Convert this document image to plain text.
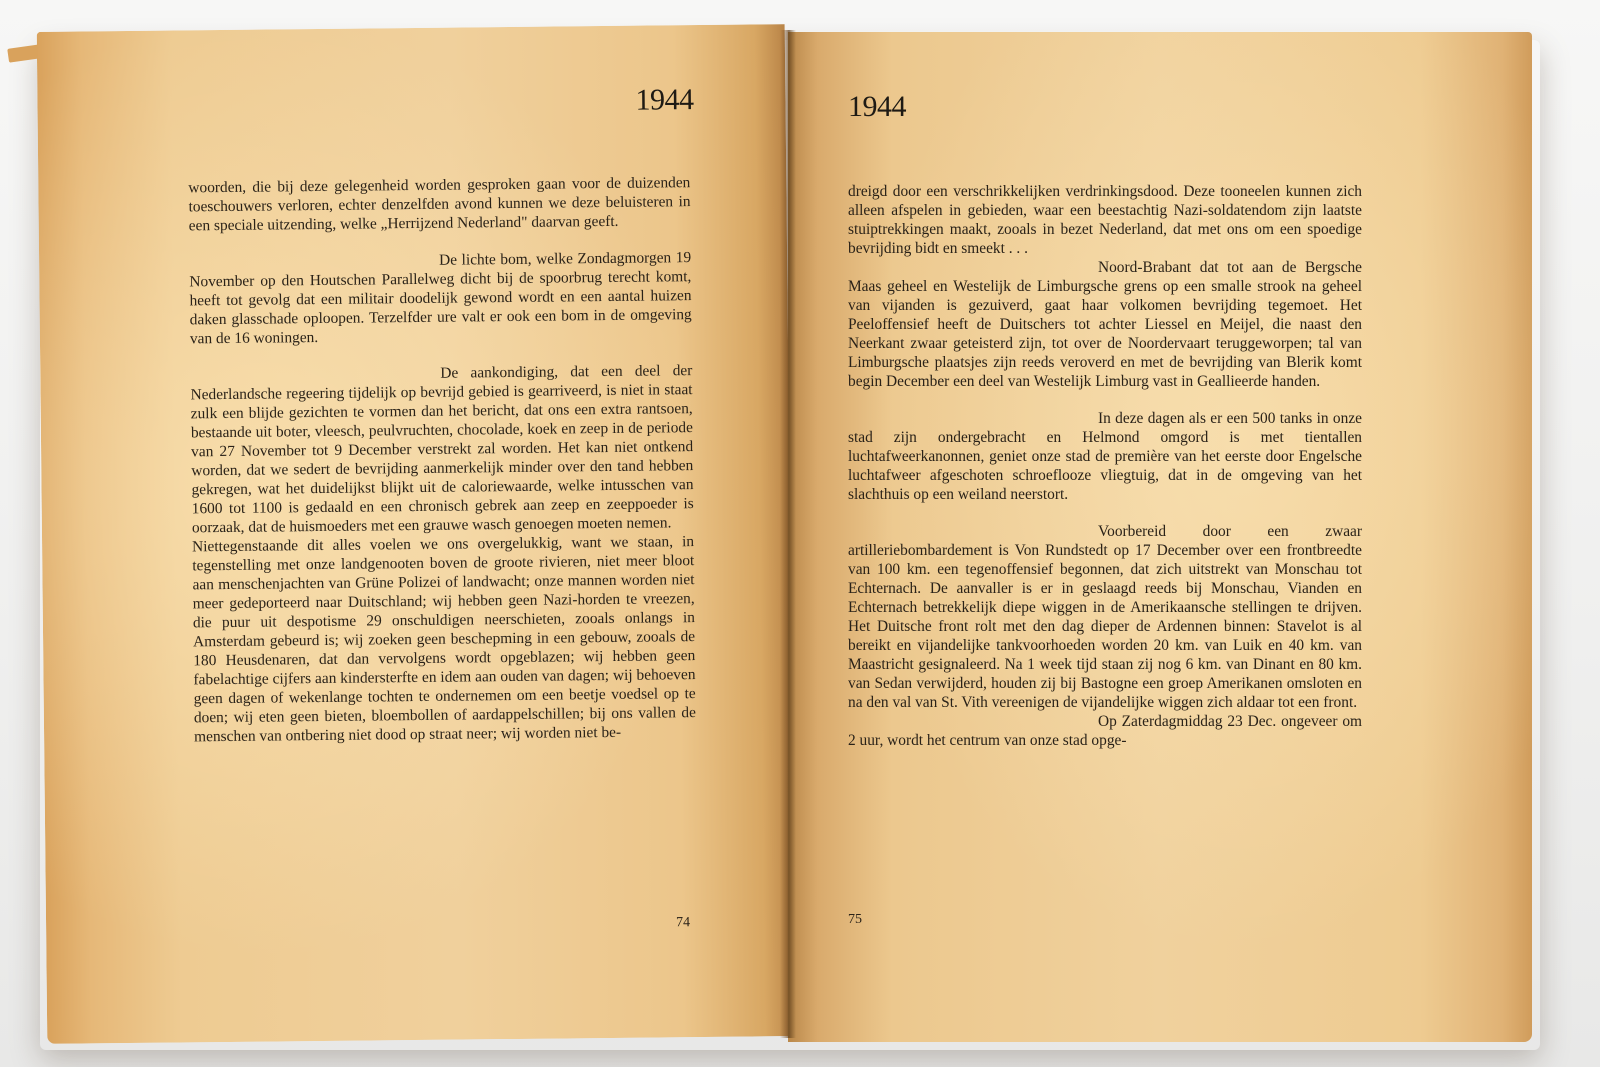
1944

woorden, die bij deze gelegenheid worden gesproken gaan voor de duizenden toeschouwers verloren, echter denzelfden avond kunnen we deze beluisteren in een speciale uitzending, welke „Herrijzend Nederland" daarvan geeft.

De lichte bom, welke Zondagmorgen 19 November op den Houtschen Parallelweg dicht bij de spoorbrug terecht komt, heeft tot gevolg dat een militair doodelijk gewond wordt en een aantal huizen daken glasschade oploopen. Terzelfder ure valt er ook een bom in de omgeving van de 16 woningen.

De aankondiging, dat een deel der Nederlandsche regeering tijdelijk op bevrijd gebied is gearriveerd, is niet in staat zulk een blijde gezichten te vormen dan het bericht, dat ons een extra rantsoen, bestaande uit boter, vleesch, peulvruchten, chocolade, koek en zeep in de periode van 27 November tot 9 December verstrekt zal worden. Het kan niet ontkend worden, dat we sedert de bevrijding aanmerkelijk minder over den tand hebben gekregen, wat het duidelijkst blijkt uit de caloriewaarde, welke intusschen van 1600 tot 1100 is gedaald en een chronisch gebrek aan zeep en zeeppoeder is oorzaak, dat de huismoeders met een grauwe wasch genoegen moeten nemen.

Niettegenstaande dit alles voelen we ons overgelukkig, want we staan, in tegenstelling met onze landgenooten boven de groote rivieren, niet meer bloot aan menschenjachten van Grüne Polizei of landwacht; onze mannen worden niet meer gedeporteerd naar Duitschland; wij hebben geen Nazi-horden te vreezen, die puur uit despotisme 29 onschuldigen neerschieten, zooals onlangs in Amsterdam gebeurd is; wij zoeken geen beschерming in een gebouw, zooals de 180 Heusdenaren, dat dan vervolgens wordt opgeblazen; wij hebben geen fabelachtige cijfers aan kindersterfte en idem aan ouden van dagen; wij behoeven geen dagen of wekenlange tochten te ondernemen om een beetje voedsel op te doen; wij eten geen bieten, bloembollen of aardappelschillen; bij ons vallen de menschen van ontbering niet dood op straat neer; wij worden niet be-

74
1944

dreigd door een verschrikkelijken verdrinkingsdood. Deze tooneelen kunnen zich alleen afspelen in gebieden, waar een beestachtig Nazi-soldatendom zijn laatste stuiptrekkingen maakt, zooals in bezet Nederland, dat met ons om een spoedige bevrijding bidt en smeekt . . .

Noord-Brabant dat tot aan de Bergsche Maas geheel en Westelijk de Limburgsche grens op een smalle strook na geheel van vijanden is gezuiverd, gaat haar volkomen bevrijding tegemoet. Het Peeloffensief heeft de Duitschers tot achter Liessel en Meijel, die naast den Neerkant zwaar geteisterd zijn, tot over de Noordervaart teruggeworpen; tal van Limburgsche plaatsjes zijn reeds veroverd en met de bevrijding van Blerik komt begin December een deel van Westelijk Limburg vast in Geallieerde handen.

In deze dagen als er een 500 tanks in onze stad zijn ondergebracht en Helmond omgord is met tientallen luchtafweerkanonnen, geniet onze stad de première van het eerste door Engelsche luchtafweer afgeschoten schroeflooze vliegtuig, dat in de omgeving van het slachthuis op een weiland neerstort.

Voorbereid door een zwaar artilleriebombardement is Von Rundstedt op 17 December over een frontbreedte van 100 km. een tegenoffensief begonnen, dat zich uitstrekt van Monschau tot Echternach. De aanvaller is er in geslaagd reeds bij Monschau, Vianden en Echternach betrekkelijk diepe wiggen in de Amerikaansche stellingen te drijven. Het Duitsche front rolt met den dag dieper de Ardennen binnen: Stavelot is al bereikt en vijandelijke tankvoorhoeden worden 20 km. van Luik en 40 km. van Maastricht gesignaleerd. Na 1 week tijd staan zij nog 6 km. van Dinant en 80 km. van Sedan verwijderd, houden zij bij Bastogne een groep Amerikanen omsloten en na den val van St. Vith vereenigen de vijandelijke wiggen zich aldaar tot een front.

Op Zaterdagmiddag 23 Dec. ongeveer om 2 uur, wordt het centrum van onze stad opge-

75
